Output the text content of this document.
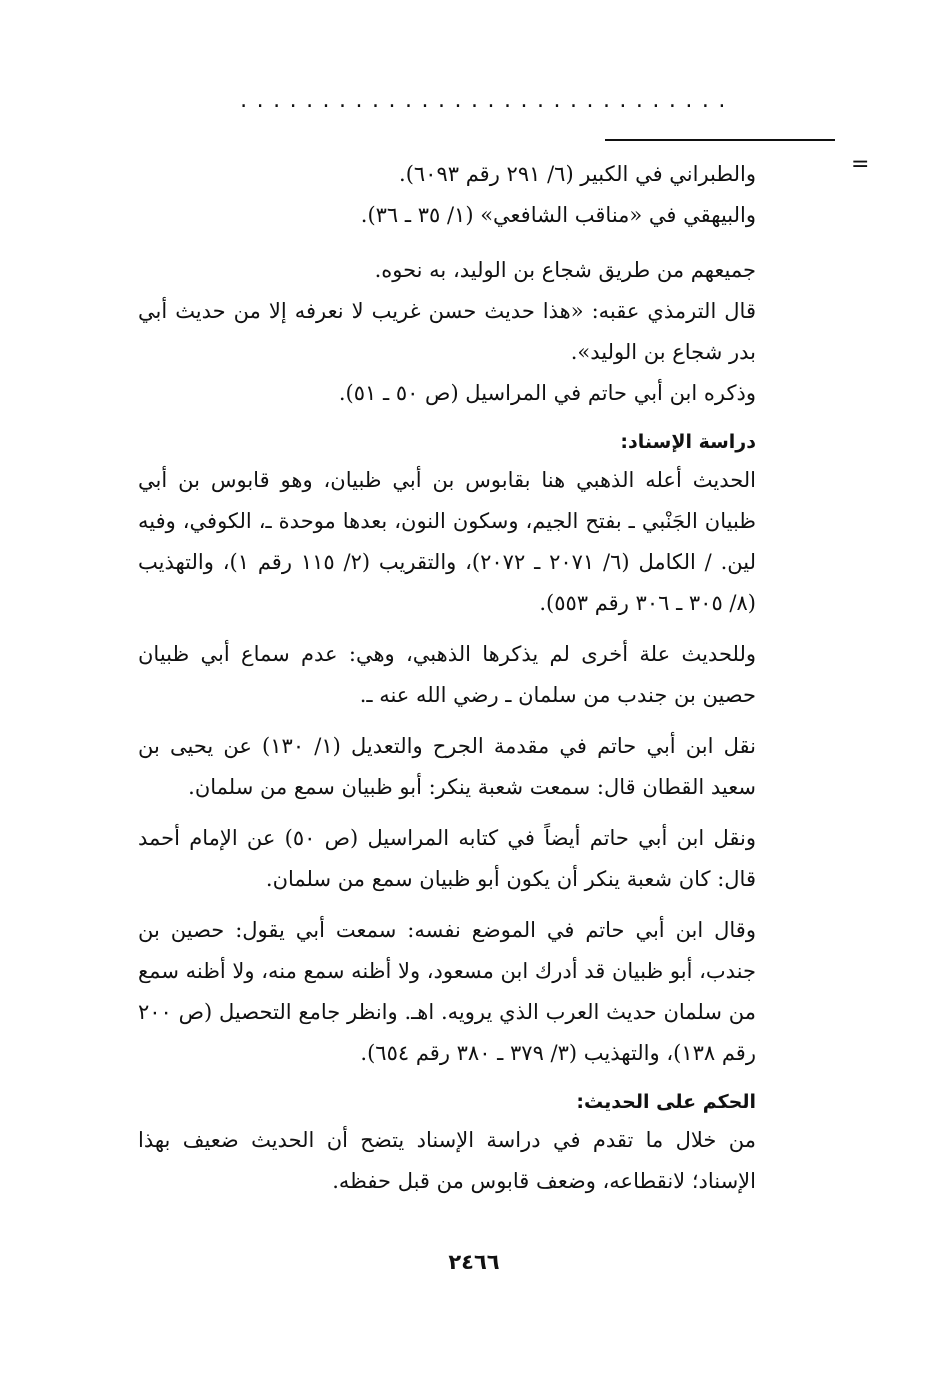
..............................
=

والطبراني في الكبير (٦/ ٢٩١ رقم ٦٠٩٣).

والبيهقي في «مناقب الشافعي» (١/ ٣٥ ـ ٣٦).

جميعهم من طريق شجاع بن الوليد، به نحوه.

قال الترمذي عقبه: «هذا حديث حسن غريب لا نعرفه إلا من حديث أبي بدر شجاع بن الوليد».

وذكره ابن أبي حاتم في المراسيل (ص ٥٠ ـ ٥١).

دراسة الإسناد:

الحديث أعله الذهبي هنا بقابوس بن أبي ظبيان، وهو قابوس بن أبي ظبيان الجَنْبي ـ بفتح الجيم، وسكون النون، بعدها موحدة ـ، الكوفي، وفيه لين. / الكامل (٦/ ٢٠٧١ ـ ٢٠٧٢)، والتقريب (٢/ ١١٥ رقم ١)، والتهذيب (٨/ ٣٠٥ ـ ٣٠٦ رقم ٥٥٣).

وللحديث علة أخرى لم يذكرها الذهبي، وهي: عدم سماع أبي ظبيان حصين بن جندب من سلمان ـ رضي الله عنه ـ.

نقل ابن أبي حاتم في مقدمة الجرح والتعديل (١/ ١٣٠) عن يحيى بن سعيد القطان قال: سمعت شعبة ينكر: أبو ظبيان سمع من سلمان.

ونقل ابن أبي حاتم أيضاً في كتابه المراسيل (ص ٥٠) عن الإمام أحمد قال: كان شعبة ينكر أن يكون أبو ظبيان سمع من سلمان.

وقال ابن أبي حاتم في الموضع نفسه: سمعت أبي يقول: حصين بن جندب، أبو ظبيان قد أدرك ابن مسعود، ولا أظنه سمع منه، ولا أظنه سمع من سلمان حديث العرب الذي يرويه. اهـ. وانظر جامع التحصيل (ص ٢٠٠ رقم ١٣٨)، والتهذيب (٣/ ٣٧٩ ـ ٣٨٠ رقم ٦٥٤).

الحكم على الحديث:

من خلال ما تقدم في دراسة الإسناد يتضح أن الحديث ضعيف بهذا الإسناد؛ لانقطاعه، وضعف قابوس من قبل حفظه.

٢٤٦٦
